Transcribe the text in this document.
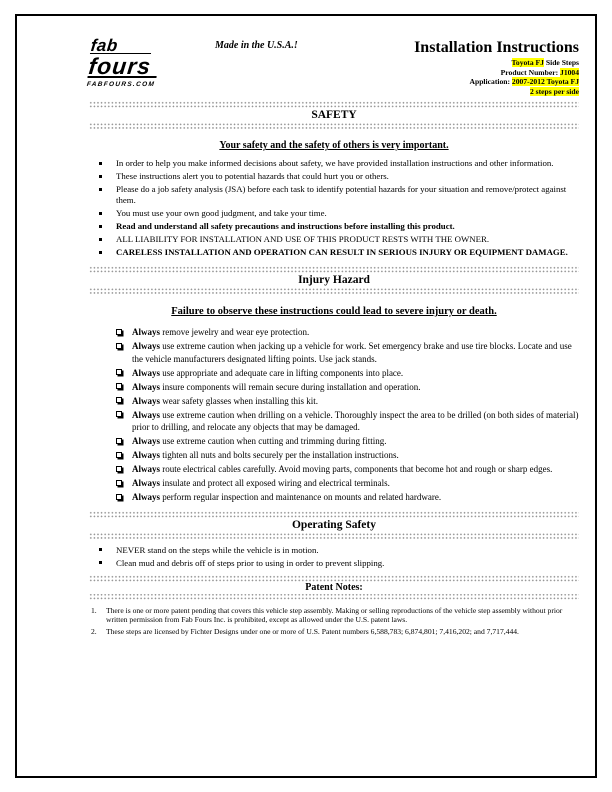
fab fours
FABFOURS.COM
Made in the U.S.A.!	Installation Instructions
Toyota FJ Side Steps
Product Number: J1004
Application: 2007-2012 Toyota FJ
2 steps per side
SAFETY
Your safety and the safety of others is very important.
In order to help you make informed decisions about safety, we have provided installation instructions and other information.
These instructions alert you to potential hazards that could hurt you or others.
Please do a job safety analysis (JSA) before each task to identify potential hazards for your situation and remove/protect against them.
You must use your own good judgment, and take your time.
Read and understand all safety precautions and instructions before installing this product.
ALL LIABILITY FOR INSTALLATION AND USE OF THIS PRODUCT RESTS WITH THE OWNER.
CARELESS INSTALLATION AND OPERATION CAN RESULT IN SERIOUS INJURY OR EQUIPMENT DAMAGE.
Injury Hazard
Failure to observe these instructions could lead to severe injury or death.
Always remove jewelry and wear eye protection.
Always use extreme caution when jacking up a vehicle for work. Set emergency brake and use tire blocks. Locate and use the vehicle manufacturers designated lifting points. Use jack stands.
Always use appropriate and adequate care in lifting components into place.
Always insure components will remain secure during installation and operation.
Always wear safety glasses when installing this kit.
Always use extreme caution when drilling on a vehicle. Thoroughly inspect the area to be drilled (on both sides of material) prior to drilling, and relocate any objects that may be damaged.
Always use extreme caution when cutting and trimming during fitting.
Always tighten all nuts and bolts securely per the installation instructions.
Always route electrical cables carefully. Avoid moving parts, components that become hot and rough or sharp edges.
Always insulate and protect all exposed wiring and electrical terminals.
Always perform regular inspection and maintenance on mounts and related hardware.
Operating Safety
NEVER stand on the steps while the vehicle is in motion.
Clean mud and debris off of steps prior to using in order to prevent slipping.
Patent Notes:
1.	There is one or more patent pending that covers this vehicle step assembly. Making or selling reproductions of the vehicle step assembly without prior written permission from Fab Fours Inc. is prohibited, except as allowed under the U.S. patent laws.
2.	These steps are licensed by Fichter Designs under one or more of U.S. Patent numbers 6,588,783; 6,874,801; 7,416,202; and 7,717,444.
